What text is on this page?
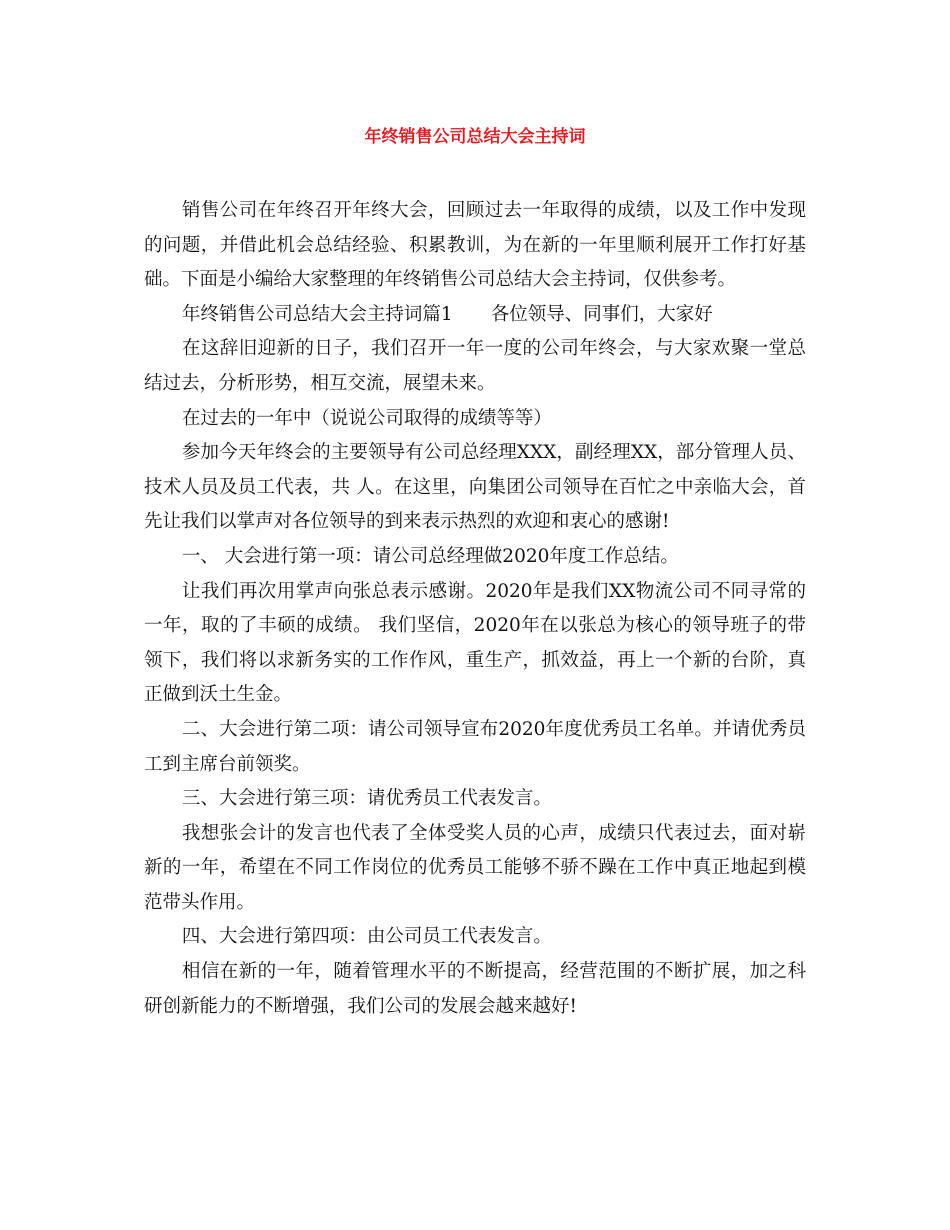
年终销售公司总结大会主持词

销售公司在年终召开年终大会，回顾过去一年取得的成绩，以及工作中发现的问题，并借此机会总结经验、积累教训，为在新的一年里顺利展开工作打好基础。下面是小编给大家整理的年终销售公司总结大会主持词，仅供参考。

年终销售公司总结大会主持词篇1 各位领导、同事们，大家好

在这辞旧迎新的日子，我们召开一年一度的公司年终会，与大家欢聚一堂总结过去，分析形势，相互交流，展望未来。

在过去的一年中（说说公司取得的成绩等等）

参加今天年终会的主要领导有公司总经理XXX，副经理XX，部分管理人员、技术人员及员工代表，共 人。在这里，向集团公司领导在百忙之中亲临大会，首先让我们以掌声对各位领导的到来表示热烈的欢迎和衷心的感谢!

一、 大会进行第一项：请公司总经理做2020年度工作总结。

让我们再次用掌声向张总表示感谢。2020年是我们XX物流公司不同寻常的一年，取的了丰硕的成绩。 我们坚信，2020年在以张总为核心的领导班子的带领下，我们将以求新务实的工作作风，重生产，抓效益，再上一个新的台阶，真正做到沃土生金。

二、大会进行第二项：请公司领导宣布2020年度优秀员工名单。并请优秀员工到主席台前领奖。

三、大会进行第三项：请优秀员工代表发言。

我想张会计的发言也代表了全体受奖人员的心声，成绩只代表过去，面对崭新的一年，希望在不同工作岗位的优秀员工能够不骄不躁在工作中真正地起到模范带头作用。

四、大会进行第四项：由公司员工代表发言。

相信在新的一年，随着管理水平的不断提高，经营范围的不断扩展，加之科研创新能力的不断增强，我们公司的发展会越来越好!
